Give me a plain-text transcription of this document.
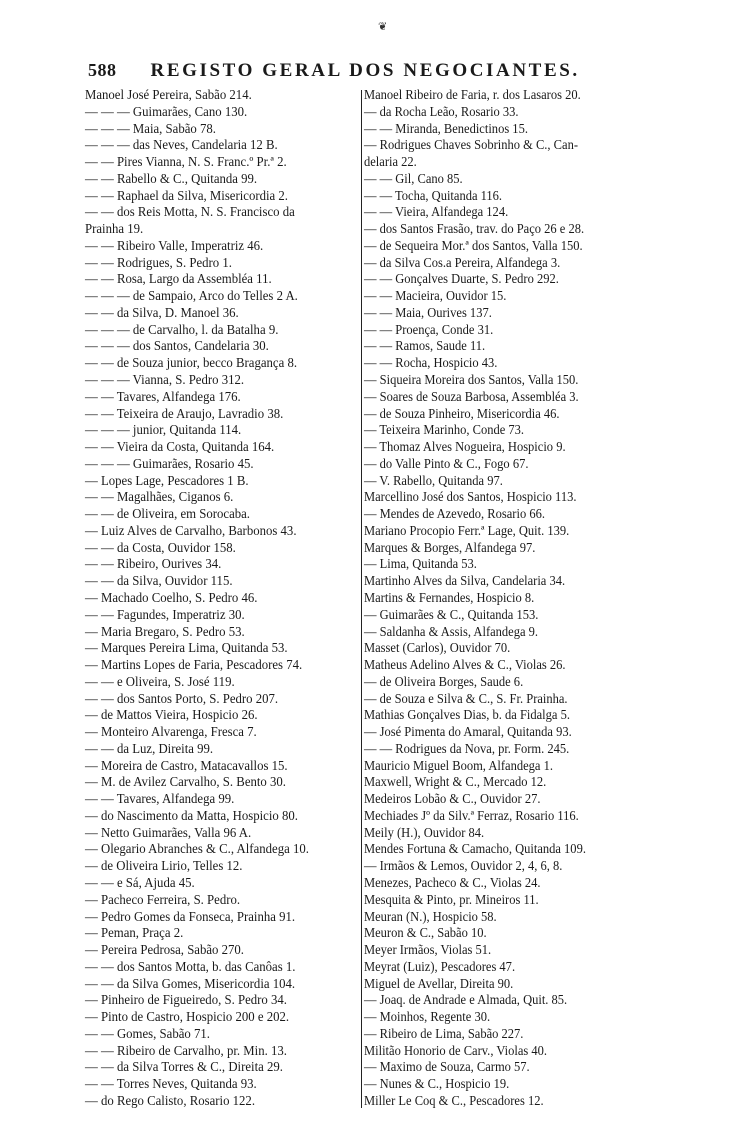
❦
588 REGISTO GERAL DOS NEGOCIANTES.
Manoel José Pereira, Sabão 214.
— — — Guimarães, Cano 130.
— — — Maia, Sabão 78.
— — — das Neves, Candelaria 12 B.
— — Pires Vianna, N. S. Franc.º Pr.ª 2.
— — Rabello & C., Quitanda 99.
— — Raphael da Silva, Misericordia 2.
— — dos Reis Motta, N. S. Francisco da
Prainha 19.
— — Ribeiro Valle, Imperatriz 46.
— — Rodrigues, S. Pedro 1.
— — Rosa, Largo da Assembléa 11.
— — — de Sampaio, Arco do Telles 2 A.
— — da Silva, D. Manoel 36.
— — — de Carvalho, l. da Batalha 9.
— — — dos Santos, Candelaria 30.
— — de Souza junior, becco Bragança 8.
— — — Vianna, S. Pedro 312.
— — Tavares, Alfandega 176.
— — Teixeira de Araujo, Lavradio 38.
— — — junior, Quitanda 114.
— — Vieira da Costa, Quitanda 164.
— — — Guimarães, Rosario 45.
— Lopes Lage, Pescadores 1 B.
— — Magalhães, Ciganos 6.
— — de Oliveira, em Sorocaba.
— Luiz Alves de Carvalho, Barbonos 43.
— — da Costa, Ouvidor 158.
— — Ribeiro, Ourives 34.
— — da Silva, Ouvidor 115.
— Machado Coelho, S. Pedro 46.
— — Fagundes, Imperatriz 30.
— Maria Bregaro, S. Pedro 53.
— Marques Pereira Lima, Quitanda 53.
— Martins Lopes de Faria, Pescadores 74.
— — e Oliveira, S. José 119.
— — dos Santos Porto, S. Pedro 207.
— de Mattos Vieira, Hospicio 26.
— Monteiro Alvarenga, Fresca 7.
— — da Luz, Direita 99.
— Moreira de Castro, Matacavallos 15.
— M. de Avilez Carvalho, S. Bento 30.
— — Tavares, Alfandega 99.
— do Nascimento da Matta, Hospicio 80.
— Netto Guimarães, Valla 96 A.
— Olegario Abranches & C., Alfandega 10.
— de Oliveira Lirio, Telles 12.
— — e Sá, Ajuda 45.
— Pacheco Ferreira, S. Pedro.
— Pedro Gomes da Fonseca, Prainha 91.
— Peman, Praça 2.
— Pereira Pedrosa, Sabão 270.
— — dos Santos Motta, b. das Canôas 1.
— — da Silva Gomes, Misericordia 104.
— Pinheiro de Figueiredo, S. Pedro 34.
— Pinto de Castro, Hospicio 200 e 202.
— — Gomes, Sabão 71.
— — Ribeiro de Carvalho, pr. Min. 13.
— — da Silva Torres & C., Direita 29.
— — Torres Neves, Quitanda 93.
— do Rego Calisto, Rosario 122.
Manoel Ribeiro de Faria, r. dos Lasaros 20.
— da Rocha Leão, Rosario 33.
— — Miranda, Benedictinos 15.
— Rodrigues Chaves Sobrinho & C., Can-
delaria 22.
— — Gil, Cano 85.
— — Tocha, Quitanda 116.
— — Vieira, Alfandega 124.
— dos Santos Frasão, trav. do Paço 26 e 28.
— de Sequeira Mor.ª dos Santos, Valla 150.
— da Silva Cos.a Pereira, Alfandega 3.
— — Gonçalves Duarte, S. Pedro 292.
— — Macieira, Ouvidor 15.
— — Maia, Ourives 137.
— — Proença, Conde 31.
— — Ramos, Saude 11.
— — Rocha, Hospicio 43.
— Siqueira Moreira dos Santos, Valla 150.
— Soares de Souza Barbosa, Assembléa 3.
— de Souza Pinheiro, Misericordia 46.
— Teixeira Marinho, Conde 73.
— Thomaz Alves Nogueira, Hospicio 9.
— do Valle Pinto & C., Fogo 67.
— V. Rabello, Quitanda 97.
Marcellino José dos Santos, Hospicio 113.
— Mendes de Azevedo, Rosario 66.
Mariano Procopio Ferr.ª Lage, Quit. 139.
Marques & Borges, Alfandega 97.
— Lima, Quitanda 53.
Martinho Alves da Silva, Candelaria 34.
Martins & Fernandes, Hospicio 8.
— Guimarães & C., Quitanda 153.
— Saldanha & Assis, Alfandega 9.
Masset (Carlos), Ouvidor 70.
Matheus Adelino Alves & C., Violas 26.
— de Oliveira Borges, Saude 6.
— de Souza e Silva & C., S. Fr. Prainha.
Mathias Gonçalves Dias, b. da Fidalga 5.
— José Pimenta do Amaral, Quitanda 93.
— — Rodrigues da Nova, pr. Form. 245.
Mauricio Miguel Boom, Alfandega 1.
Maxwell, Wright & C., Mercado 12.
Medeiros Lobão & C., Ouvidor 27.
Mechiades Jº da Silv.ª Ferraz, Rosario 116.
Meily (H.), Ouvidor 84.
Mendes Fortuna & Camacho, Quitanda 109.
— Irmãos & Lemos, Ouvidor 2, 4, 6, 8.
Menezes, Pacheco & C., Violas 24.
Mesquita & Pinto, pr. Mineiros 11.
Meuran (N.), Hospicio 58.
Meuron & C., Sabão 10.
Meyer Irmãos, Violas 51.
Meyrat (Luiz), Pescadores 47.
Miguel de Avellar, Direita 90.
— Joaq. de Andrade e Almada, Quit. 85.
— Moinhos, Regente 30.
— Ribeiro de Lima, Sabão 227.
Militão Honorio de Carv., Violas 40.
— Maximo de Souza, Carmo 57.
— Nunes & C., Hospicio 19.
Miller Le Coq & C., Pescadores 12.
